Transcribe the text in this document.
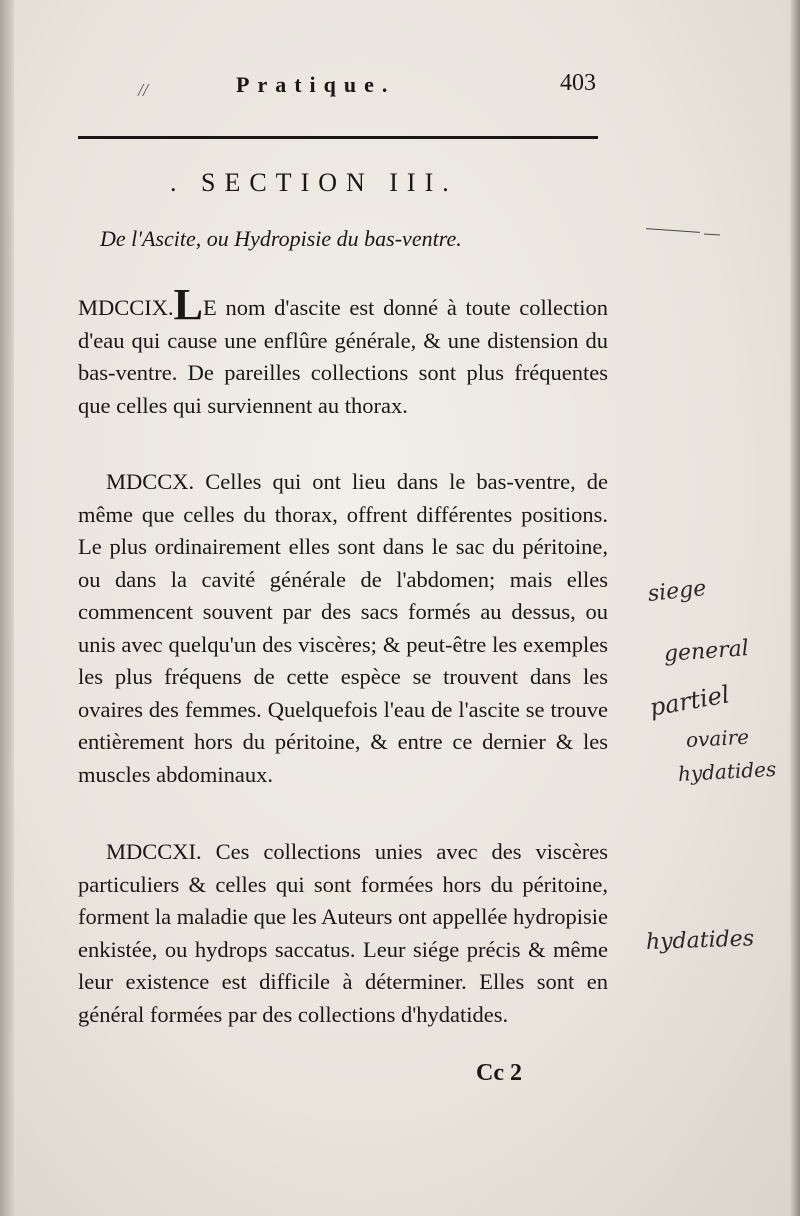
//	Pratique.	403
. SECTION III.
De l'Ascite, ou Hydropisie du bas-ventre.

MDCCIX.LE nom d'ascite est donné à toute collection d'eau qui cause une enflûre générale, & une distension du bas-ventre. De pareilles collections sont plus fréquentes que celles qui surviennent au thorax.

MDCCX. Celles qui ont lieu dans le bas-ventre, de même que celles du thorax, offrent différentes positions. Le plus ordinairement elles sont dans le sac du péritoine, ou dans la cavité générale de l'abdomen; mais elles commencent souvent par des sacs formés au dessus, ou unis avec quelqu'un des viscères; & peut-être les exemples les plus fréquens de cette espèce se trouvent dans les ovaires des femmes. Quelquefois l'eau de l'ascite se trouve entièrement hors du péritoine, & entre ce dernier & les muscles abdominaux.

MDCCXI. Ces collections unies avec des viscères particuliers & celles qui sont formées hors du péritoine, forment la maladie que les Auteurs ont appellée hydropisie enkistée, ou hydrops saccatus. Leur siége précis & même leur existence est difficile à déterminer. Elles sont en général formées par des collections d'hydatides.

Cc 2
siege
general
partiel
ovaire
hydatides
hydatides
